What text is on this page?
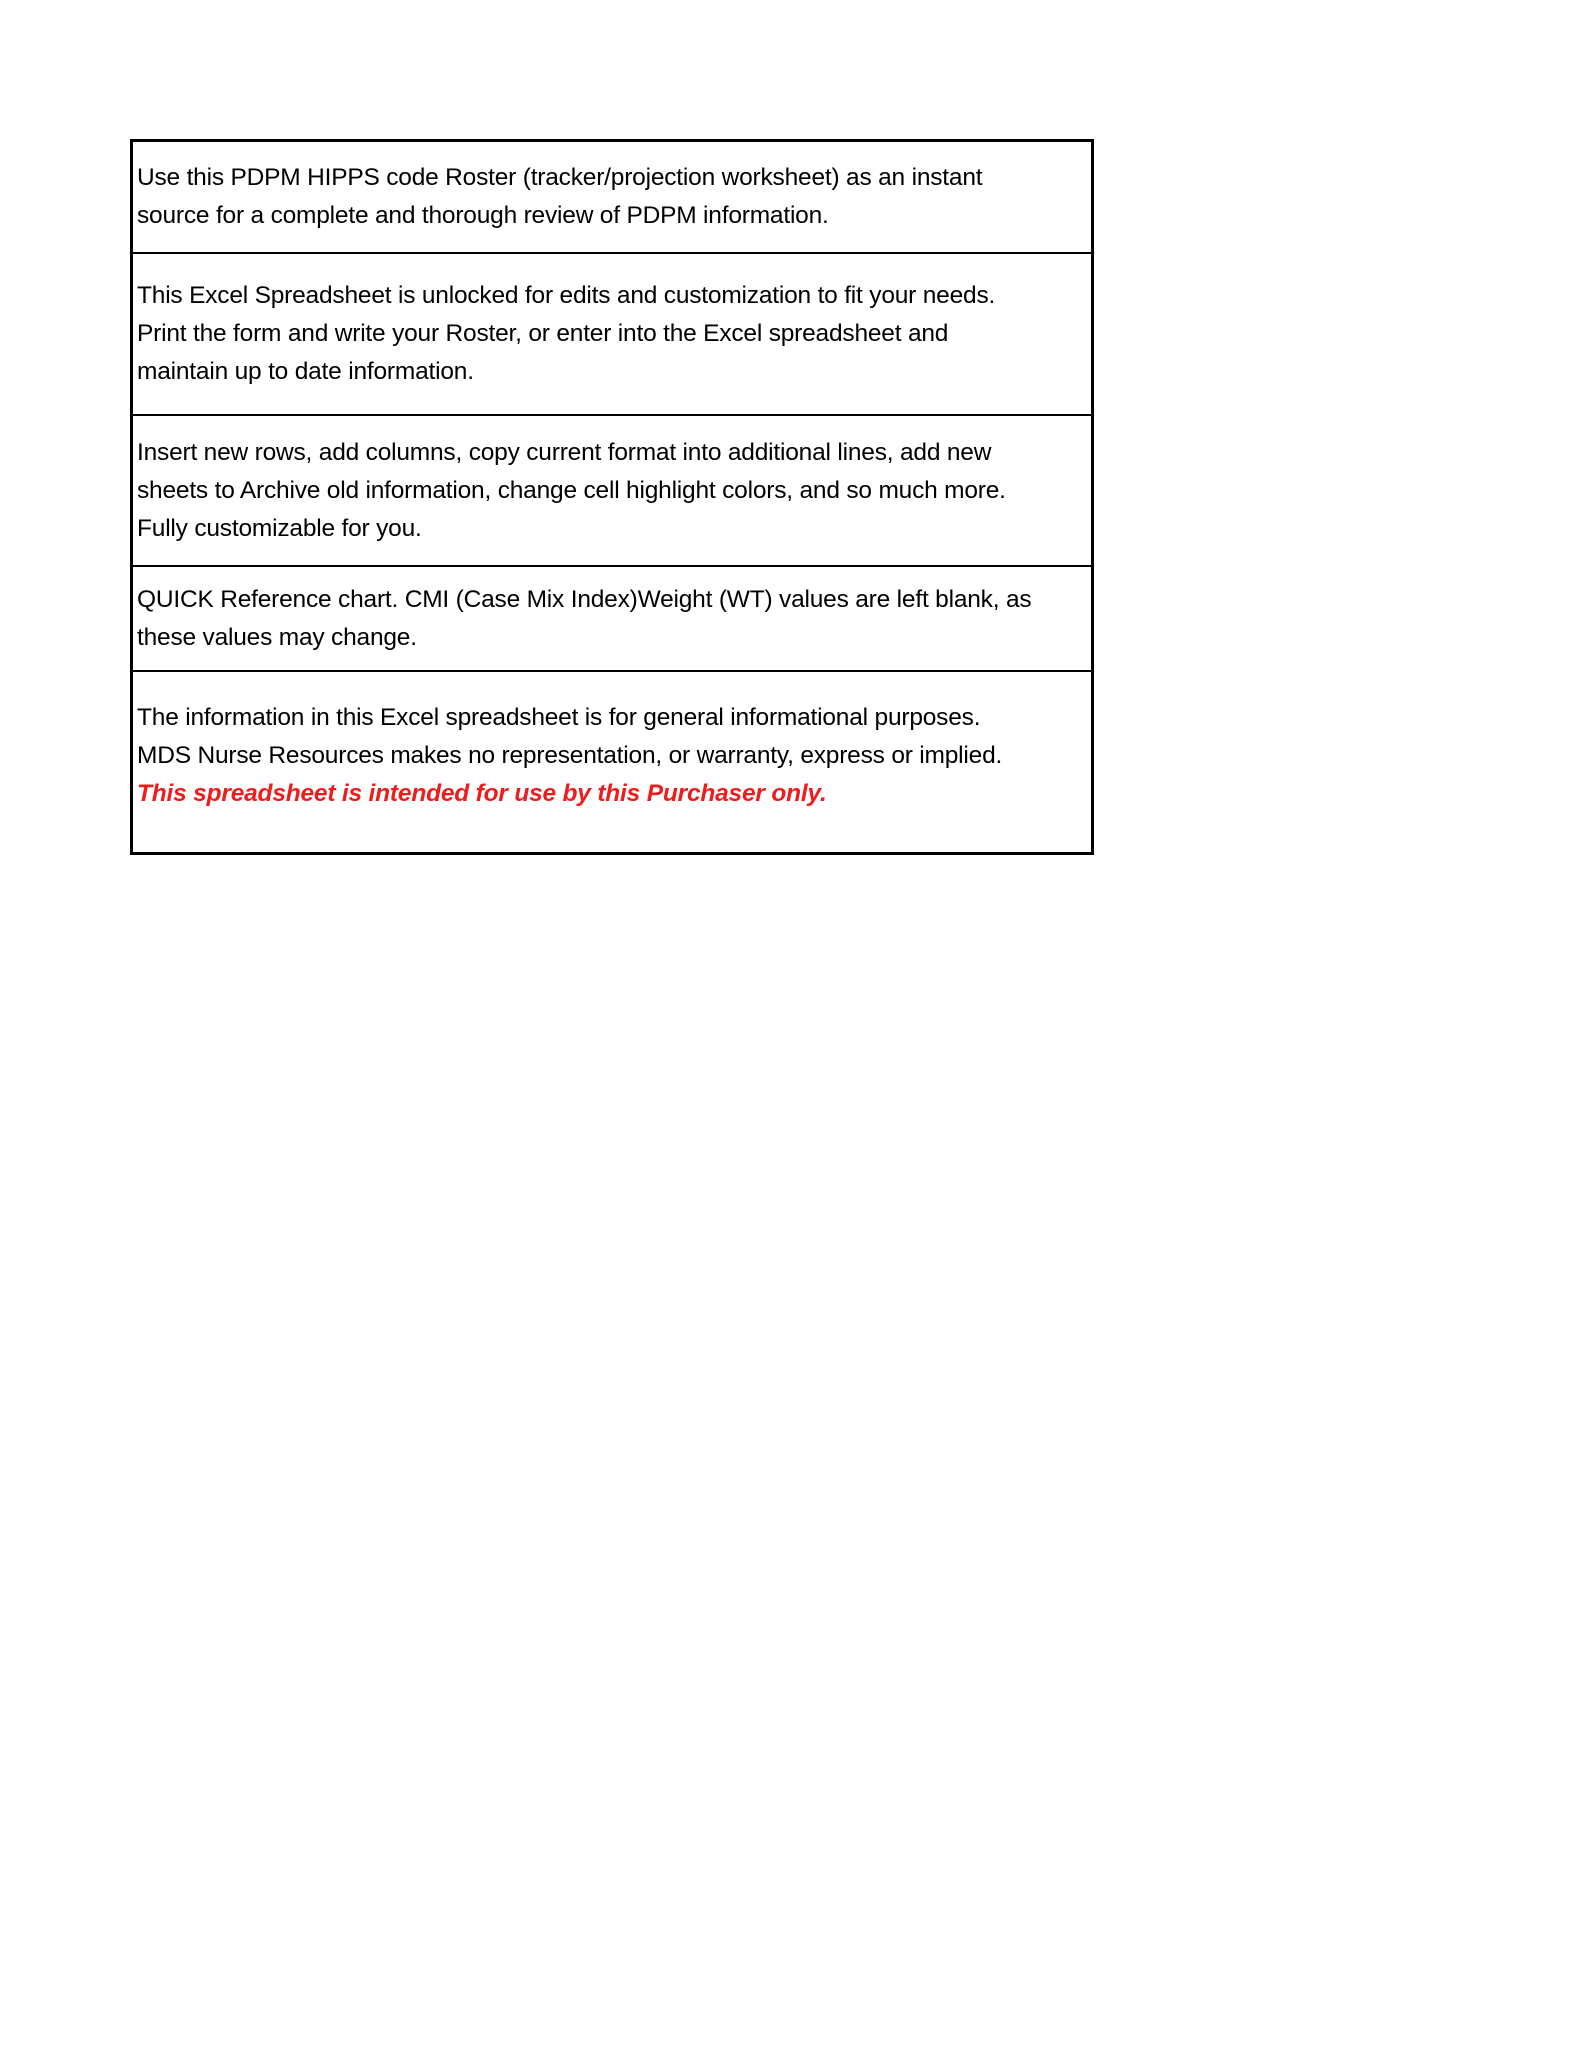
Use this PDPM HIPPS code Roster (tracker/projection worksheet) as an instant
source for a complete and thorough review of PDPM information.
This Excel Spreadsheet is unlocked for edits and customization to fit your needs.
Print the form and write your Roster, or enter into the Excel spreadsheet and
maintain up to date information.
Insert new rows, add columns, copy current format into additional lines, add new
sheets to Archive old information, change cell highlight colors, and so much more.
Fully customizable for you.
QUICK Reference chart. CMI (Case Mix Index)Weight (WT) values are left blank, as
these values may change.
The information in this Excel spreadsheet is for general informational purposes.
MDS Nurse Resources makes no representation, or warranty, express or implied.
This spreadsheet is intended for use by this Purchaser only.
